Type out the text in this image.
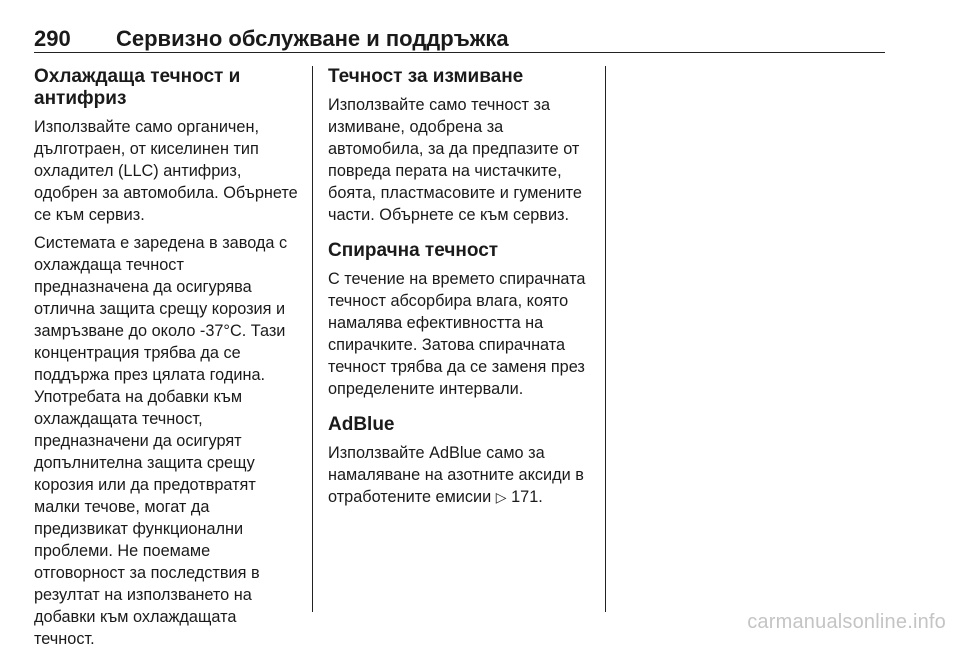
290 Сервизно обслужване и поддръжка
Охлаждаща течност и
антифриз

Използвайте само органичен,
дълготраен, от киселинен тип
охладител (LLC) антифриз,
одобрен за автомобила. Обърнете
се към сервиз.

Системата е заредена в завода с
охлаждаща течност
предназначена да осигурява
отлична защита срещу корозия и
замръзване до около -37°C. Тази
концентрация трябва да се
поддържа през цялата година.
Употребата на добавки към
охлаждащата течност,
предназначени да осигурят
допълнителна защита срещу
корозия или да предотвратят
малки течове, могат да
предизвикат функционални
проблеми. Не поемаме
отговорност за последствия в
резултат на използването на
добавки към охлаждащата
течност.

Течност за измиване

Използвайте само течност за
измиване, одобрена за
автомобила, за да предпазите от
повреда перата на чистачките,
боята, пластмасовите и гумените
части. Обърнете се към сервиз.

Спирачна течност

С течение на времето спирачната
течност абсорбира влага, която
намалява ефективността на
спирачките. Затова спирачната
течност трябва да се заменя през
определените интервали.

AdBlue

Използвайте AdBlue само за
намаляване на азотните аксиди в
отработените емисии ▷ 171.

carmanualsonline.info
